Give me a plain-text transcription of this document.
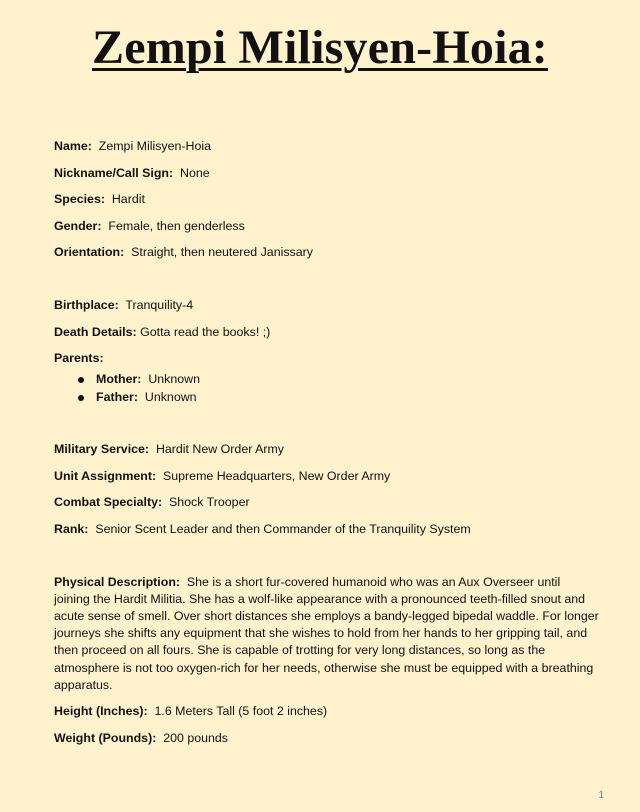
Zempi Milisyen-Hoia:

Name: Zempi Milisyen-Hoia

Nickname/Call Sign: None

Species: Hardit

Gender: Female, then genderless

Orientation: Straight, then neutered Janissary

Birthplace: Tranquility-4

Death Details: Gotta read the books! ;)

Parents:

Mother: Unknown
Father: Unknown

Military Service: Hardit New Order Army

Unit Assignment: Supreme Headquarters, New Order Army

Combat Specialty: Shock Trooper

Rank: Senior Scent Leader and then Commander of the Tranquility System

Physical Description: She is a short fur-covered humanoid who was an Aux Overseer until joining the Hardit Militia. She has a wolf-like appearance with a pronounced teeth-filled snout and acute sense of smell. Over short distances she employs a bandy-legged bipedal waddle. For longer journeys she shifts any equipment that she wishes to hold from her hands to her gripping tail, and then proceed on all fours. She is capable of trotting for very long distances, so long as the atmosphere is not too oxygen-rich for her needs, otherwise she must be equipped with a breathing apparatus.

Height (Inches): 1.6 Meters Tall (5 foot 2 inches)

Weight (Pounds): 200 pounds

1
